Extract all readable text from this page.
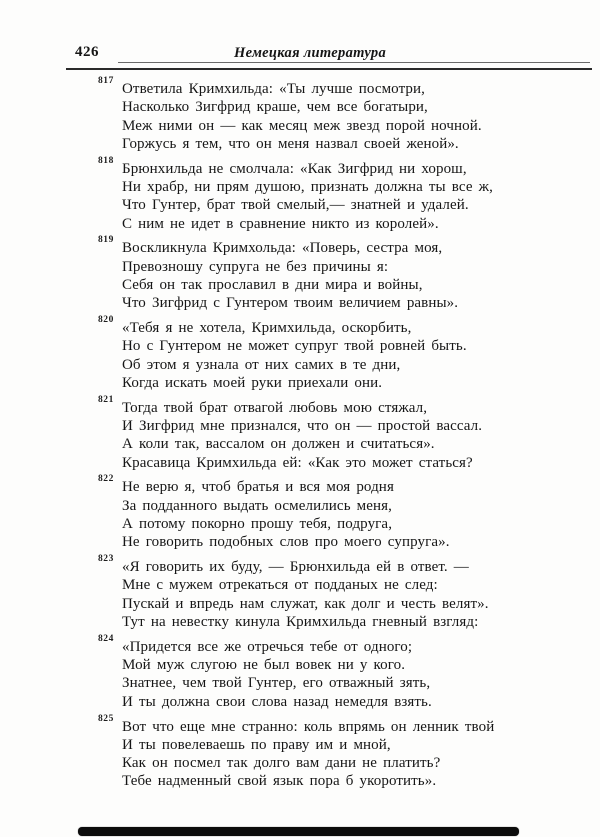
426	Немецкая литература
817 Ответила Кримхильда: «Ты лучше посмотри,
Насколько Зигфрид краше, чем все богатыри,
Меж ними он — как месяц меж звезд порой ночной.
Горжусь я тем, что он меня назвал своей женой».
818 Брюнхильда не смолчала: «Как Зигфрид ни хорош,
Ни храбр, ни прям душою, признать должна ты все ж,
Что Гунтер, брат твой смелый,— знатней и удалей.
С ним не идет в сравнение никто из королей».
819 Воскликнула Кримхольда: «Поверь, сестра моя,
Превозношу супруга не без причины я:
Себя он так прославил в дни мира и войны,
Что Зигфрид с Гунтером твоим величием равны».
820 «Тебя я не хотела, Кримхильда, оскорбить,
Но с Гунтером не может супруг твой ровней быть.
Об этом я узнала от них самих в те дни,
Когда искать моей руки приехали они.
821 Тогда твой брат отвагой любовь мою стяжал,
И Зигфрид мне признался, что он — простой вассал.
А коли так, вассалом он должен и считаться».
Красавица Кримхильда ей: «Как это может статься?
822 Не верю я, чтоб братья и вся моя родня
За подданного выдать осмелились меня,
А потому покорно прошу тебя, подруга,
Не говорить подобных слов про моего супруга».
823 «Я говорить их буду, — Брюнхильда ей в ответ. —
Мне с мужем отрекаться от подданых не след:
Пускай и впредь нам служат, как долг и честь велят».
Тут на невестку кинула Кримхильда гневный взгляд:
824 «Придется все же отречься тебе от одного;
Мой муж слугою не был вовек ни у кого.
Знатнее, чем твой Гунтер, его отважный зять,
И ты должна свои слова назад немедля взять.
825 Вот что еще мне странно: коль впрямь он ленник твой
И ты повелеваешь по праву им и мной,
Как он посмел так долго вам дани не платить?
Тебе надменный свой язык пора б укоротить».
